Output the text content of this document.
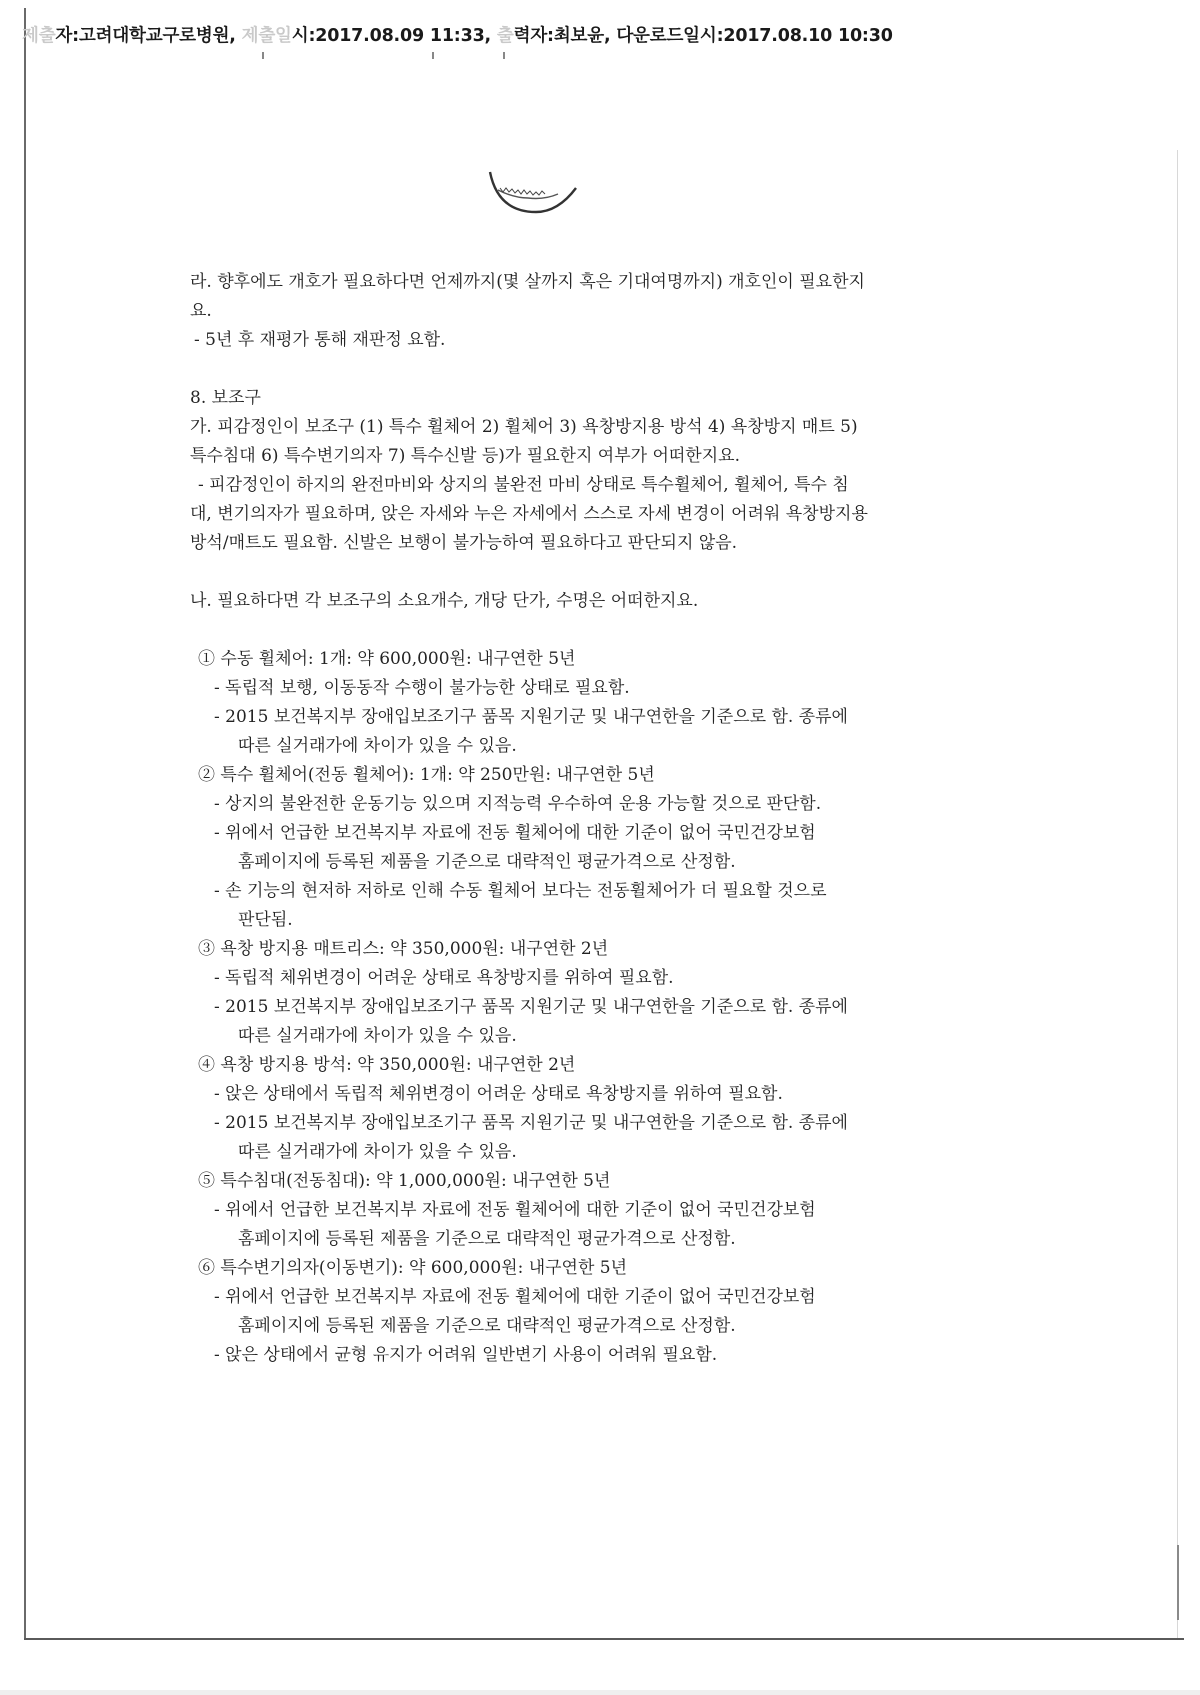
제출자:고려대학교구로병원, 제출일시:2017.08.09 11:33, 출력자:최보윤, 다운로드일시:2017.08.10 10:30
라. 향후에도 개호가 필요하다면 언제까지(몇 살까지 혹은 기대여명까지) 개호인이 필요한지
요.
- 5년 후 재평가 통해 재판정 요함.
8. 보조구
가. 피감정인이 보조구 (1) 특수 휠체어 2) 휠체어 3) 욕창방지용 방석 4) 욕창방지 매트 5)
특수침대 6) 특수변기의자 7) 특수신발 등)가 필요한지 여부가 어떠한지요.
- 피감정인이 하지의 완전마비와 상지의 불완전 마비 상태로 특수휠체어, 휠체어, 특수 침
대, 변기의자가 필요하며, 앉은 자세와 누은 자세에서 스스로 자세 변경이 어려워 욕창방지용
방석/매트도 필요함. 신발은 보행이 불가능하여 필요하다고 판단되지 않음.
나. 필요하다면 각 보조구의 소요개수, 개당 단가, 수명은 어떠한지요.
① 수동 휠체어: 1개: 약 600,000원: 내구연한 5년
- 독립적 보행, 이동동작 수행이 불가능한 상태로 필요함.
- 2015 보건복지부 장애입보조기구 품목 지원기군 및 내구연한을 기준으로 함. 종류에
따른 실거래가에 차이가 있을 수 있음.
② 특수 휠체어(전동 휠체어): 1개: 약 250만원: 내구연한 5년
- 상지의 불완전한 운동기능 있으며 지적능력 우수하여 운용 가능할 것으로 판단함.
- 위에서 언급한 보건복지부 자료에 전동 휠체어에 대한 기준이 없어 국민건강보험
홈페이지에 등록된 제품을 기준으로 대략적인 평균가격으로 산정함.
- 손 기능의 현저하 저하로 인해 수동 휠체어 보다는 전동휠체어가 더 필요할 것으로
판단됨.
③ 욕창 방지용 매트리스: 약 350,000원: 내구연한 2년
- 독립적 체위변경이 어려운 상태로 욕창방지를 위하여 필요함.
- 2015 보건복지부 장애입보조기구 품목 지원기군 및 내구연한을 기준으로 함. 종류에
따른 실거래가에 차이가 있을 수 있음.
④ 욕창 방지용 방석: 약 350,000원: 내구연한 2년
- 앉은 상태에서 독립적 체위변경이 어려운 상태로 욕창방지를 위하여 필요함.
- 2015 보건복지부 장애입보조기구 품목 지원기군 및 내구연한을 기준으로 함. 종류에
따른 실거래가에 차이가 있을 수 있음.
⑤ 특수침대(전동침대): 약 1,000,000원: 내구연한 5년
- 위에서 언급한 보건복지부 자료에 전동 휠체어에 대한 기준이 없어 국민건강보험
홈페이지에 등록된 제품을 기준으로 대략적인 평균가격으로 산정함.
⑥ 특수변기의자(이동변기): 약 600,000원: 내구연한 5년
- 위에서 언급한 보건복지부 자료에 전동 휠체어에 대한 기준이 없어 국민건강보험
홈페이지에 등록된 제품을 기준으로 대략적인 평균가격으로 산정함.
- 앉은 상태에서 균형 유지가 어려워 일반변기 사용이 어려워 필요함.
